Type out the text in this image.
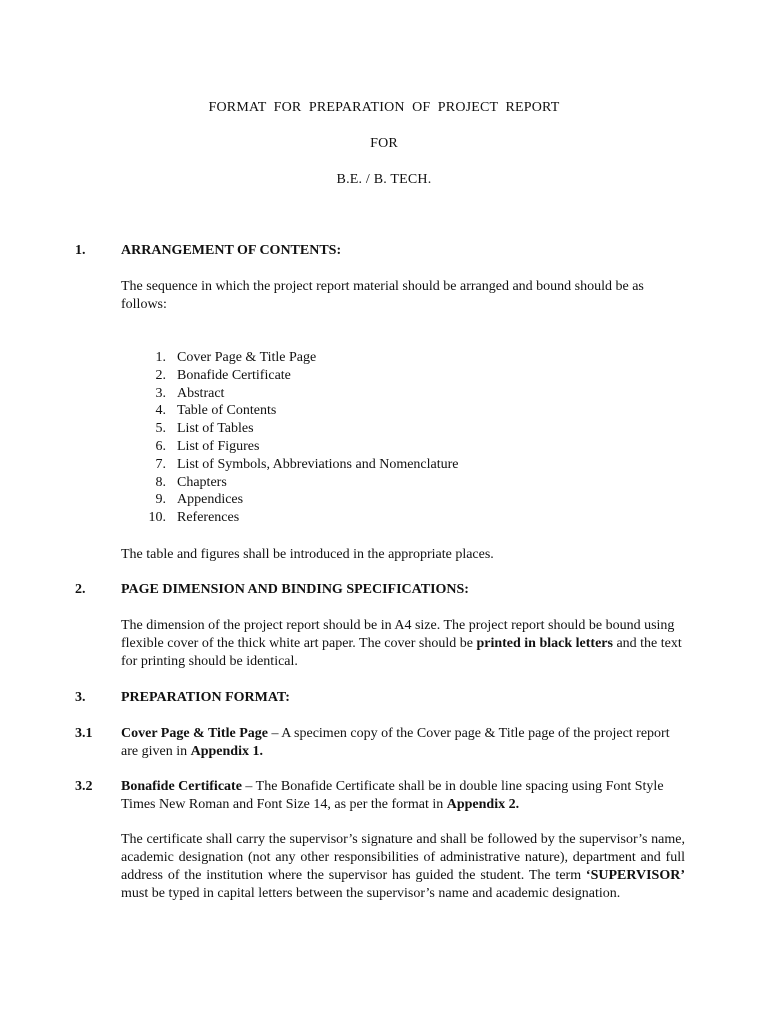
FORMAT  FOR  PREPARATION  OF  PROJECT  REPORT
FOR
B.E. / B. TECH.
1.	ARRANGEMENT OF CONTENTS:
The sequence in which the project report material should be arranged and bound should be as follows:
1. Cover Page & Title Page
2. Bonafide Certificate
3. Abstract
4. Table of Contents
5. List of Tables
6. List of Figures
7. List of Symbols, Abbreviations and Nomenclature
8. Chapters
9. Appendices
10. References
The table and figures shall be introduced in the appropriate places.
2.	PAGE DIMENSION AND BINDING SPECIFICATIONS:
The dimension of the project report should be in A4 size. The project report should be bound using flexible cover of the thick white art paper. The cover should be printed in black letters and the text for printing should be identical.
3.	PREPARATION FORMAT:
3.1 Cover Page & Title Page – A specimen copy of the Cover page & Title page of the project report are given in Appendix 1.
3.2 Bonafide Certificate – The Bonafide Certificate shall be in double line spacing using Font Style Times New Roman and Font Size 14, as per the format in Appendix 2.
The certificate shall carry the supervisor’s signature and shall be followed by the supervisor’s name, academic designation (not any other responsibilities of administrative nature), department and full address of the institution where the supervisor has guided the student. The term ‘SUPERVISOR’ must be typed in capital letters between the supervisor’s name and academic designation.
